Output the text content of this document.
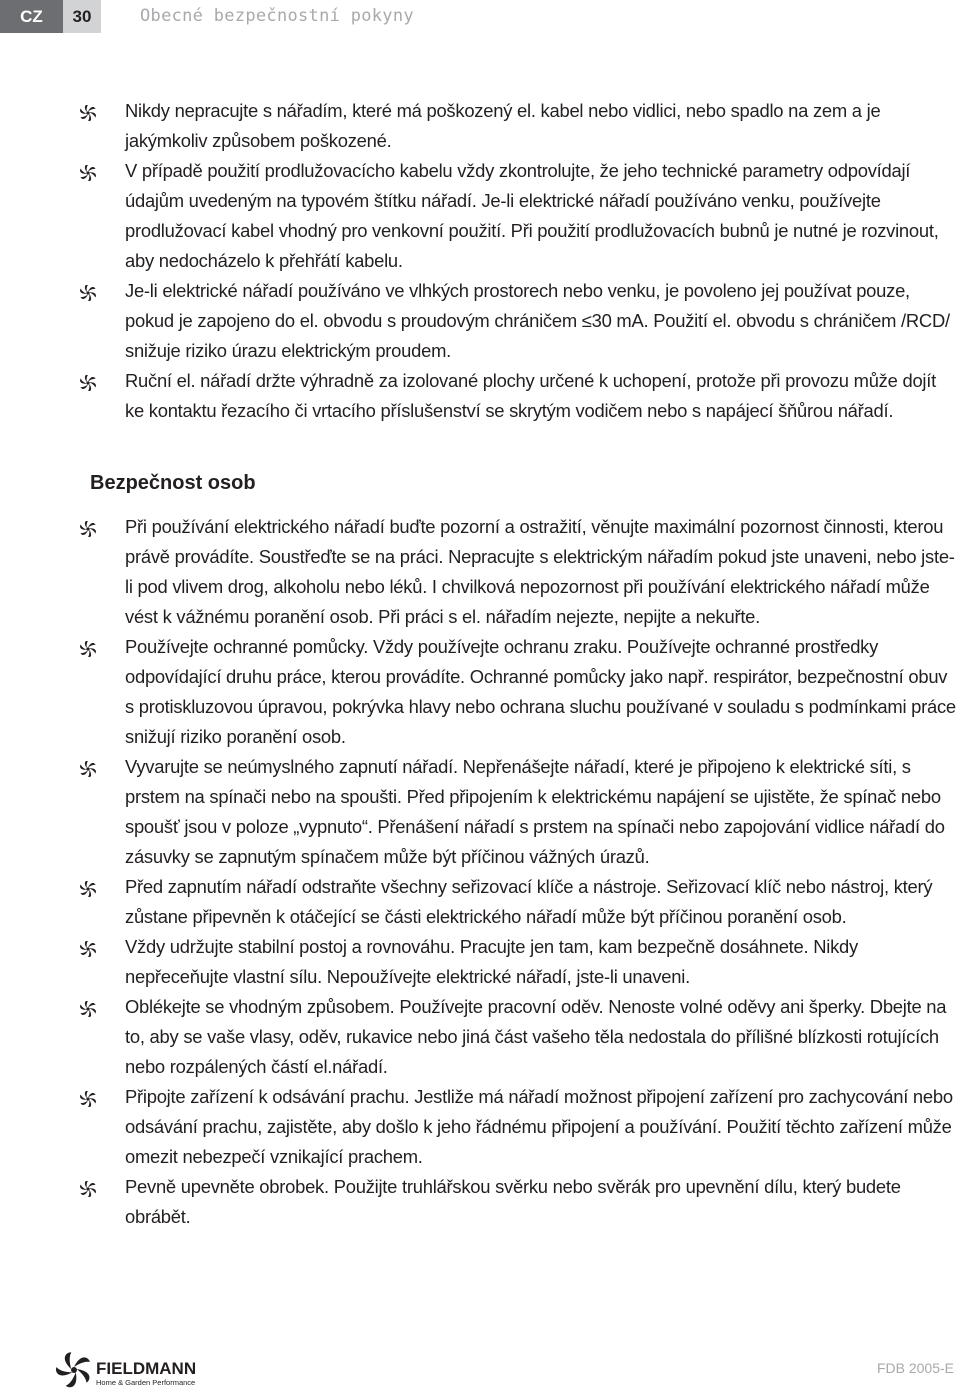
CZ	30	Obecné bezpečnostní pokyny
Nikdy nepracujte s nářadím, které má poškozený el. kabel nebo vidlici, nebo spadlo na zem a je jakýmkoliv způsobem poškozené.
V případě použití prodlužovacícho kabelu vždy zkontrolujte, že jeho technické parametry odpovídají údajům uvedeným na typovém štítku nářadí. Je-li elektrické nářadí používáno venku, používejte prodlužovací kabel vhodný pro venkovní použití. Při použití prodlužovacích bubnů je nutné je rozvinout, aby nedocházelo k přehřátí kabelu.
Je-li elektrické nářadí používáno ve vlhkých prostorech nebo venku, je povoleno jej používat pouze, pokud je zapojeno do el. obvodu s proudovým chráničem ≤30 mA. Použití el. obvodu s chráničem /RCD/ snižuje riziko úrazu elektrickým proudem.
Ruční el. nářadí držte výhradně za izolované plochy určené k uchopení, protože při provozu může dojít ke kontaktu řezacího či vrtacího příslušenství se skrytým vodičem nebo s napájecí šňůrou nářadí.
Bezpečnost osob
Při používání elektrického nářadí buďte pozorní a ostražití, věnujte maximální pozornost činnosti, kterou právě provádíte. Soustřeďte se na práci. Nepracujte s elektrickým nářadím pokud jste unaveni, nebo jste-li pod vlivem drog, alkoholu nebo léků. I chvilková nepozornost při používání elektrického nářadí může vést k vážnému poranění osob. Při práci s el. nářadím nejezte, nepijte a nekuřte.
Používejte ochranné pomůcky. Vždy používejte ochranu zraku. Používejte ochranné prostředky odpovídající druhu práce, kterou provádíte. Ochranné pomůcky jako např. respirátor, bezpečnostní obuv s protiskluzovou úpravou, pokrývka hlavy nebo ochrana sluchu používané v souladu s podmínkami práce snižují riziko poranění osob.
Vyvarujte se neúmyslného zapnutí nářadí. Nepřenášejte nářadí, které je připojeno k elektrické síti, s prstem na spínači nebo na spoušti. Před připojením k elektrickému napájení se ujistěte, že spínač nebo spoušť jsou v poloze „vypnuto“. Přenášení nářadí s prstem na spínači nebo zapojování vidlice nářadí do zásuvky se zapnutým spínačem může být příčinou vážných úrazů.
Před zapnutím nářadí odstraňte všechny seřizovací klíče a nástroje. Seřizovací klíč nebo nástroj, který zůstane připevněn k otáčející se části elektrického nářadí může být příčinou poranění osob.
Vždy udržujte stabilní postoj a rovnováhu. Pracujte jen tam, kam bezpečně dosáhnete. Nikdy nepřeceňujte vlastní sílu. Nepoužívejte elektrické nářadí, jste-li unaveni.
Oblékejte se vhodným způsobem. Používejte pracovní oděv. Nenoste volné oděvy ani šperky. Dbejte na to, aby se vaše vlasy, oděv, rukavice nebo jiná část vašeho těla nedostala do přílišné blízkosti rotujících nebo rozpálených částí el.nářadí.
Připojte zařízení k odsávání prachu. Jestliže má nářadí možnost připojení zařízení pro zachycování nebo odsávání prachu, zajistěte, aby došlo k jeho řádnému připojení a používání. Použití těchto zařízení může omezit nebezpečí vznikající prachem.
Pevně upevněte obrobek. Použijte truhlářskou svěrku nebo svěrák pro upevnění dílu, který budete obrábět.
FIELDMANN
Home & Garden Performance
FDB 2005-E
